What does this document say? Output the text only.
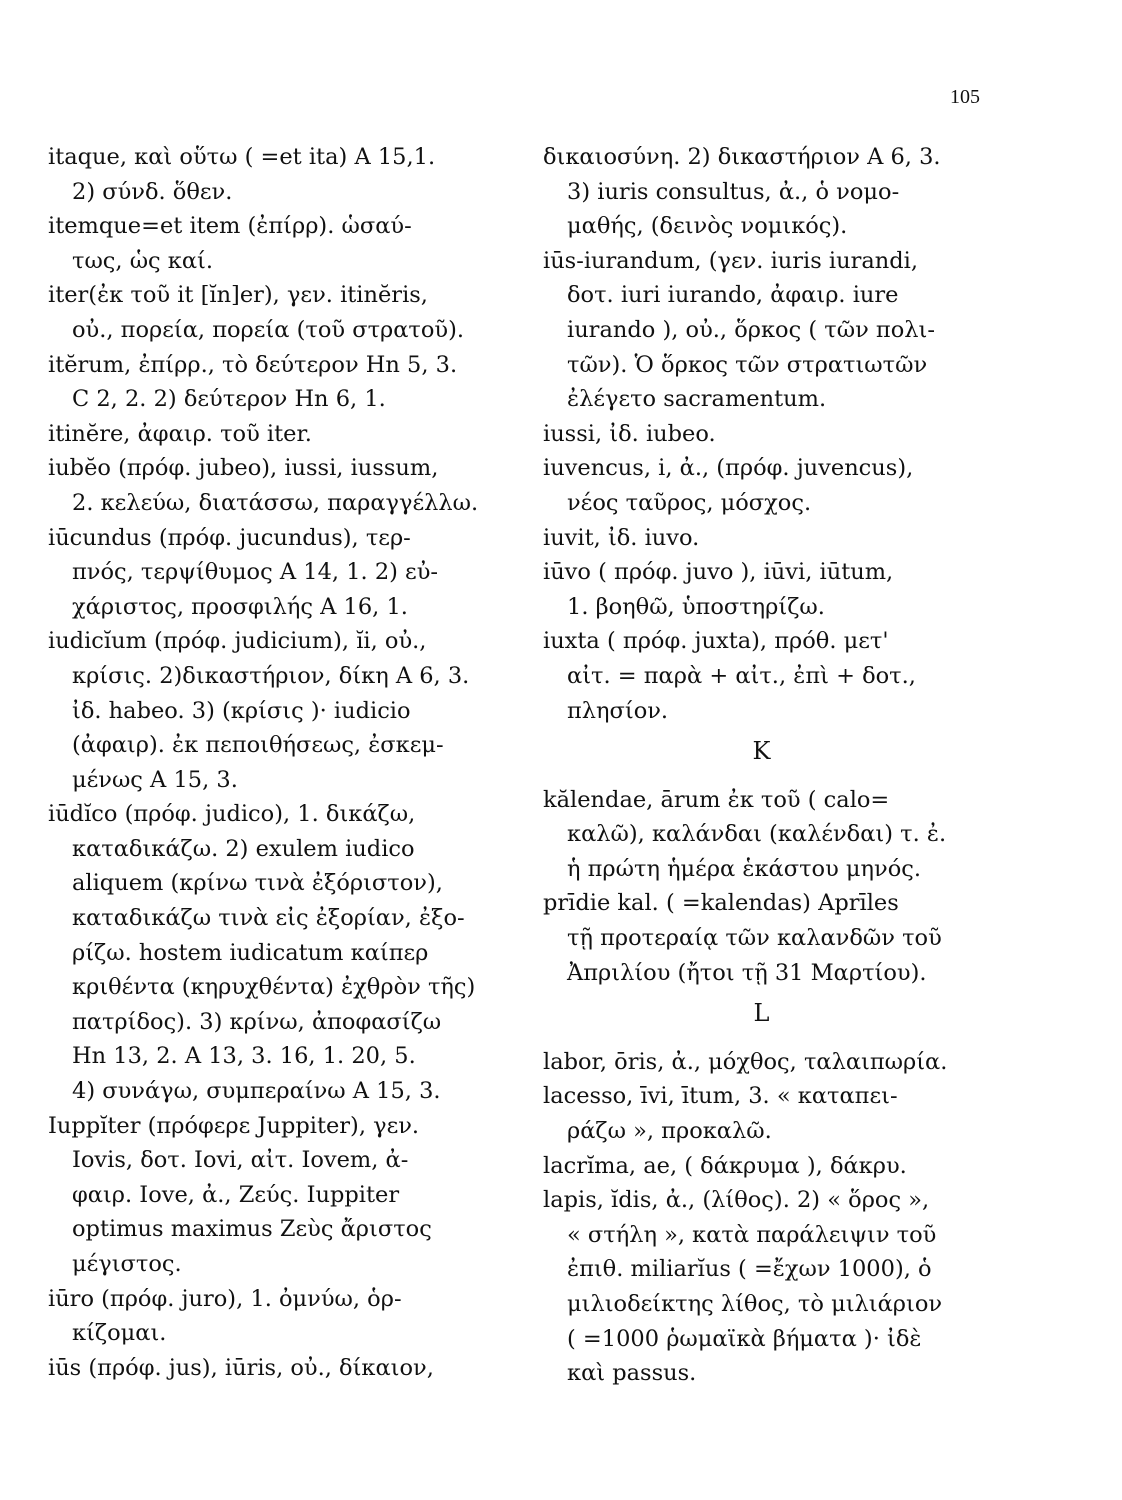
105
itaque, καὶ οὕτω ( =et ita) A 15,1.
2) σύνδ. ὅθεν.
itemque=et item (ἐπίρρ). ὡσαύ-
τως, ὡς καί.
iter(ἐκ τοῦ it [ĭn]er), γεν. itinĕris,
οὐ., πορεία, πορεία (τοῦ στρατοῦ).
itĕrum, ἐπίρρ., τὸ δεύτερον Hn 5, 3.
C 2, 2. 2) δεύτερον Hn 6, 1.
itinĕre, ἀφαιρ. τοῦ iter.
iubĕo (πρόφ. jubeo), iussi, iussum,
2. κελεύω, διατάσσω, παραγγέλλω.
iūcundus (πρόφ. jucundus), τερ-
πνός, τερψίθυμος A 14, 1. 2) εὐ-
χάριστος, προσφιλής A 16, 1.
iudicĭum (πρόφ. judicium), ĭi, οὐ.,
κρίσις. 2)δικαστήριον, δίκη A 6, 3.
ἰδ. habeo. 3) (κρίσις )· iudicio
(ἀφαιρ). ἐκ πεποιθήσεως, ἐσκεμ-
μένως A 15, 3.
iūdĭco (πρόφ. judico), 1. δικάζω,
καταδικάζω. 2) exulem iudico
aliquem (κρίνω τινὰ ἐξόριστον),
καταδικάζω τινὰ εἰς ἐξορίαν, ἐξο-
ρίζω. hostem iudicatum καίπερ
κριθέντα (κηρυχθέντα) ἐχθρὸν τῆς)
πατρίδος). 3) κρίνω, ἀποφασίζω
Hn 13, 2. A 13, 3. 16, 1. 20, 5.
4) συνάγω, συμπεραίνω A 15, 3.
Iuppĭter (πρόφερε Juppiter), γεν.
Iovis, δοτ. Iovi, αἰτ. Iovem, ἀ-
φαιρ. Iove, ἀ., Ζεύς. Iuppiter
optimus maximus Ζεὺς ἄριστος
μέγιστος.
iūro (πρόφ. juro), 1. ὀμνύω, ὁρ-
κίζομαι.
iūs (πρόφ. jus), iūris, οὐ., δίκαιον,
δικαιοσύνη. 2) δικαστήριον A 6, 3.
3) iuris consultus, ἀ., ὁ νομο-
μαθής, (δεινὸς νομικός).
iūs-iurandum, (γεν. iuris iurandi,
δοτ. iuri iurando, ἀφαιρ. iure
iurando ), οὐ., ὅρκος ( τῶν πολι-
τῶν). Ὁ ὅρκος τῶν στρατιωτῶν
ἐλέγετο sacramentum.
iussi, ἰδ. iubeo.
iuvencus, i, ἀ., (πρόφ. juvencus),
νέος ταῦρος, μόσχος.
iuvit, ἰδ. iuvo.
iūvo ( πρόφ. juvo ), iūvi, iūtum,
1. βοηθῶ, ὑποστηρίζω.
iuxta ( πρόφ. juxta), πρόθ. μετ'
αἰτ. = παρὰ + αἰτ., ἐπὶ + δοτ.,
πλησίον.
K
kălendae, ārum ἐκ τοῦ ( calo=
καλῶ), καλάνδαι (καλένδαι) τ. ἐ.
ἡ πρώτη ἡμέρα ἑκάστου μηνός.
prīdie kal. ( =kalendas) Aprīles
τῇ προτεραίᾳ τῶν καλανδῶν τοῦ
Ἀπριλίου (ἤτοι τῇ 31 Μαρτίου).
L
labor, ōris, ἀ., μόχθος, ταλαιπωρία.
lacesso, īvi, ītum, 3. « καταπει-
ράζω », προκαλῶ.
lacrĭma, ae, ( δάκρυμα ), δάκρυ.
lapis, ĭdis, ἀ., (λίθος). 2) « ὅρος »,
« στήλη », κατὰ παράλειψιν τοῦ
ἐπιθ. miliarĭus ( =ἔχων 1000), ὁ
μιλιοδείκτης λίθος, τὸ μιλιάριον
( =1000 ῥωμαϊκὰ βήματα )· ἰδὲ
καὶ passus.
